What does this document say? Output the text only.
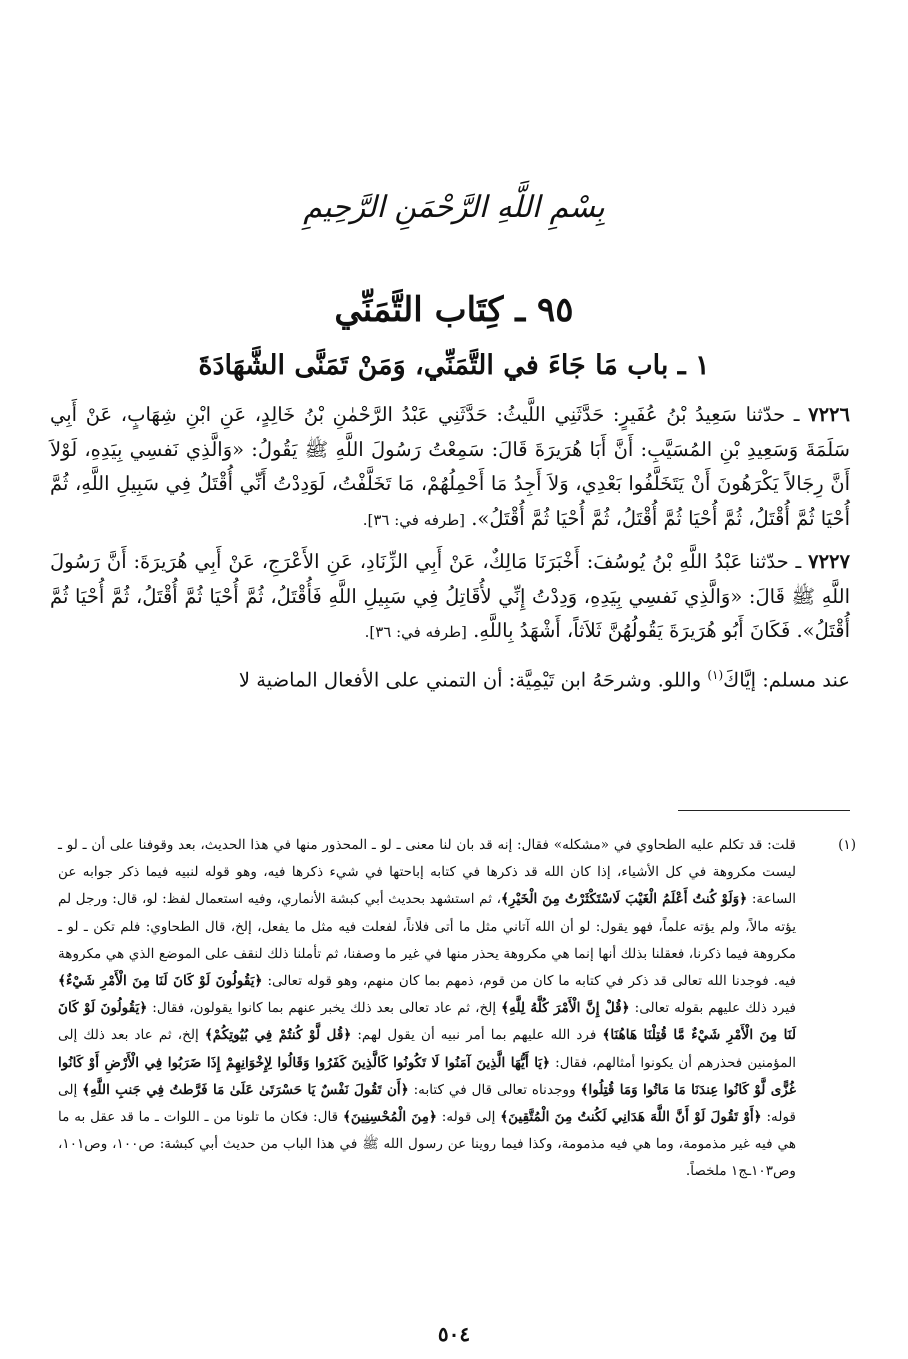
بِسْمِ اللَّهِ الرَّحْمَنِ الرَّحِيمِ
٩٥ ـ كِتَاب التَّمَنِّي
١ ـ باب مَا جَاءَ في التَّمَنِّي، وَمَنْ تَمَنَّى الشَّهَادَةَ

٧٢٢٦ ـ حدّثنا سَعِيدُ بْنُ عُفَيرٍ: حَدَّثَنِي اللَّيثُ: حَدَّثَنِي عَبْدُ الرَّحْمٰنِ بْنُ خَالِدٍ، عَنِ ابْنِ شِهَابٍ، عَنْ أَبِي سَلَمَةَ وَسَعِيدِ بْنِ المُسَيَّبِ: أَنَّ أَبَا هُرَيرَةَ قَالَ: سَمِعْتُ رَسُولَ اللَّهِ ﷺ يَقُولُ: «وَالَّذِي نَفسِي بِيَدِهِ، لَوْلاَ أَنَّ رِجَالاً يَكْرَهُونَ أَنْ يَتَخَلَّفُوا بَعْدِي، وَلاَ أَجِدُ مَا أَحْمِلُهُمْ، مَا تَخَلَّفْتُ، لَوَدِدْتُ أَنِّي أُقْتَلُ فِي سَبِيلِ اللَّهِ، ثُمَّ أُحْيَا ثُمَّ أُقْتَلُ، ثُمَّ أُحْيَا ثُمَّ أُقْتَلُ، ثُمَّ أُحْيَا ثُمَّ أُقْتَلُ». [طرفه في: ٣٦].

٧٢٢٧ ـ حدّثنا عَبْدُ اللَّهِ بْنُ يُوسُفَ: أَخْبَرَنَا مَالِكٌ، عَنْ أَبِي الزِّنَادِ، عَنِ الأَعْرَجِ، عَنْ أَبِي هُرَيرَةَ: أَنَّ رَسُولَ اللَّهِ ﷺ قَالَ: «وَالَّذِي نَفسِي بِيَدِهِ، وَدِدْتُ إِنِّي لأُقَاتِلُ فِي سَبِيلِ اللَّهِ فَأُقْتَلُ، ثُمَّ أُحْيَا ثُمَّ أُقْتَلُ، ثُمَّ أُحْيَا ثُمَّ أُقْتَلُ». فَكَانَ أَبُو هُرَيرَةَ يَقُولُهُنَّ ثَلاَثاً، أَشْهَدُ بِاللَّهِ. [طرفه في: ٣٦].

عند مسلم: إيَّاكَ$^{(١)}$ واللو. وشرحَهُ ابن تَيْمِيَّة: أن التمني على الأفعال الماضية لا

(١)

قلت: قد تكلم عليه الطحاوي في «مشكله» فقال: إنه قد بان لنا معنى ـ لو ـ المحذور منها في هذا الحديث، بعد وقوفنا على أن ـ لو ـ ليست مكروهة في كل الأشياء، إذا كان الله قد ذكرها في كتابه إباحتها في شيء ذكرها فيه، وهو قوله لنبيه فيما ذكر جوابه عن الساعة: ﴿وَلَوْ كُنتُ أَعْلَمُ الْغَيْبَ لَاسْتَكْثَرْتُ مِنَ الْخَيْرِ﴾، ثم استشهد بحديث أبي كبشة الأنماري، وفيه استعمال لفظ: لو، قال: ورجل لم يؤته مالاً، ولم يؤته علماً، فهو يقول: لو أن الله آتاني مثل ما أتى فلاناً، لفعلت فيه مثل ما يفعل، إلخ، قال الطحاوي: فلم تكن ـ لو ـ مكروهة فيما ذكرنا، فعقلنا بذلك أنها إنما هي مكروهة يحذر منها في غير ما وصفنا، ثم تأملنا ذلك لنقف على الموضع الذي هي مكروهة فيه. فوجدنا الله تعالى قد ذكر في كتابه ما كان من قوم، ذمهم بما كان منهم، وهو قوله تعالى: ﴿يَقُولُونَ لَوْ كَانَ لَنَا مِنَ الْأَمْرِ شَيْءٌ﴾ فيرد ذلك عليهم بقوله تعالى: ﴿قُلْ إِنَّ الْأَمْرَ كُلَّهُ لِلَّهِ﴾ إلخ، ثم عاد تعالى بعد ذلك يخبر عنهم بما كانوا يقولون، فقال: ﴿يَقُولُونَ لَوْ كَانَ لَنَا مِنَ الْأَمْرِ شَيْءٌ مَّا قُتِلْنَا هَاهُنَا﴾ فرد الله عليهم بما أمر نبيه أن يقول لهم: ﴿قُل لَّوْ كُنتُمْ فِي بُيُوتِكُمْ﴾ إلخ، ثم عاد بعد ذلك إلى المؤمنين فحذرهم أن يكونوا أمثالهم، فقال: ﴿يَا أَيُّهَا الَّذِينَ آمَنُوا لَا تَكُونُوا كَالَّذِينَ كَفَرُوا وَقَالُوا لِإِخْوَانِهِمْ إِذَا ضَرَبُوا فِي الْأَرْضِ أَوْ كَانُوا غُزًّى لَّوْ كَانُوا عِندَنَا مَا مَاتُوا وَمَا قُتِلُوا﴾ ووجدناه تعالى قال في كتابه: ﴿أَن تَقُولَ نَفْسٌ يَا حَسْرَتَىٰ عَلَىٰ مَا فَرَّطتُ فِي جَنبِ اللَّهِ﴾ إلى قوله: ﴿أَوْ تَقُولَ لَوْ أَنَّ اللَّهَ هَدَانِي لَكُنتُ مِنَ الْمُتَّقِينَ﴾ إلى قوله: ﴿مِنَ الْمُحْسِنِينَ﴾ قال: فكان ما تلونا من ـ اللوات ـ ما قد عقل به ما هي فيه غير مذمومة، وما هي فيه مذمومة، وكذا فيما روينا عن رسول الله ﷺ في هذا الباب من حديث أبي كبشة: ص١٠٠، وص١٠١، وص١٠٣ـج١ ملخصاً.

٥٠٤
